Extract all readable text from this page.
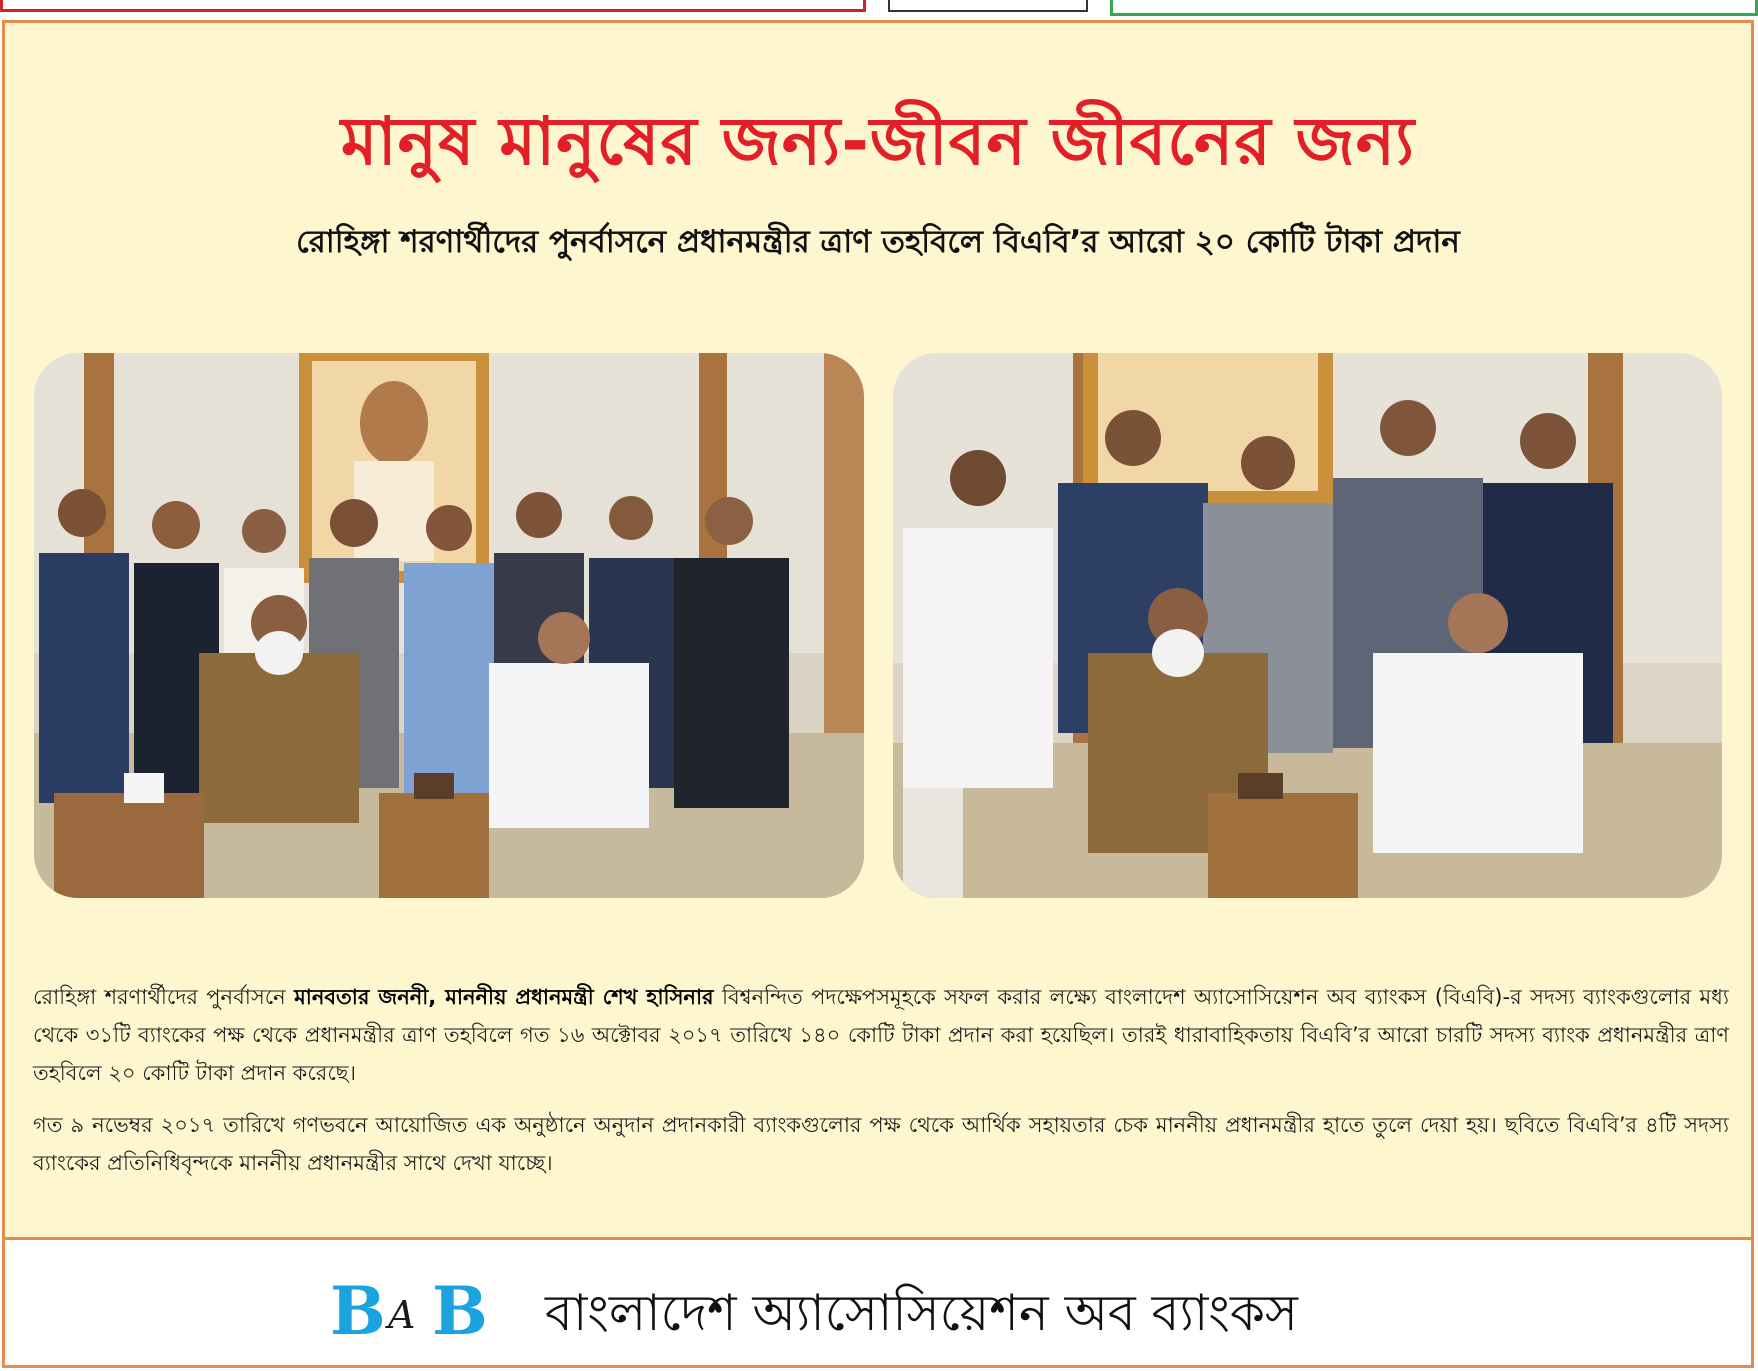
মানুষ মানুষের জন্য-জীবন জীবনের জন্য
রোহিঙ্গা শরণার্থীদের পুনর্বাসনে প্রধানমন্ত্রীর ত্রাণ তহবিলে বিএবি’র আরো ২০ কোটি টাকা প্রদান

রোহিঙ্গা শরণার্থীদের পুনর্বাসনে মানবতার জননী, মাননীয় প্রধানমন্ত্রী শেখ হাসিনার বিশ্বনন্দিত পদক্ষেপসমূহকে সফল করার লক্ষ্যে বাংলাদেশ অ্যাসোসিয়েশন অব ব্যাংকস (বিএবি)-র সদস্য ব্যাংকগুলোর মধ্য থেকে ৩১টি ব্যাংকের পক্ষ থেকে প্রধানমন্ত্রীর ত্রাণ তহবিলে গত ১৬ অক্টোবর ২০১৭ তারিখে ১৪০ কোটি টাকা প্রদান করা হয়েছিল। তারই ধারাবাহিকতায় বিএবি’র আরো চারটি সদস্য ব্যাংক প্রধানমন্ত্রীর ত্রাণ তহবিলে ২০ কোটি টাকা প্রদান করেছে।

গত ৯ নভেম্বর ২০১৭ তারিখে গণভবনে আয়োজিত এক অনুষ্ঠানে অনুদান প্রদানকারী ব্যাংকগুলোর পক্ষ থেকে আর্থিক সহায়তার চেক মাননীয় প্রধানমন্ত্রীর হাতে তুলে দেয়া হয়। ছবিতে বিএবি’র ৪টি সদস্য ব্যাংকের প্রতিনিধিবৃন্দকে মাননীয় প্রধানমন্ত্রীর সাথে দেখা যাচ্ছে।

B A B বাংলাদেশ অ্যাসোসিয়েশন অব ব্যাংকস
